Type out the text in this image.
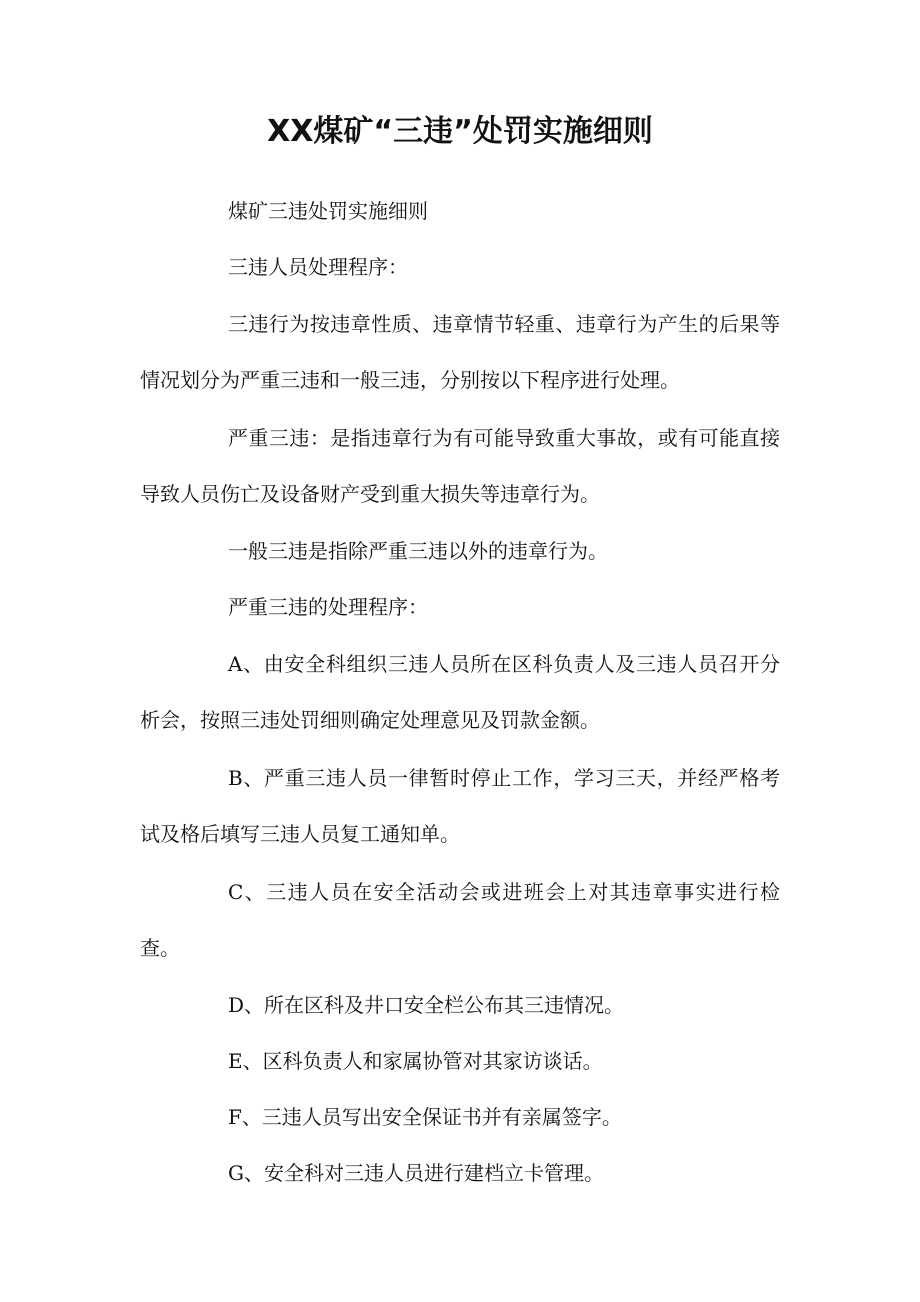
XX煤矿“三违”处罚实施细则

煤矿三违处罚实施细则

三违人员处理程序：

三违行为按违章性质、违章情节轻重、违章行为产生的后果等情况划分为严重三违和一般三违，分别按以下程序进行处理。

严重三违：是指违章行为有可能导致重大事故，或有可能直接导致人员伤亡及设备财产受到重大损失等违章行为。

一般三违是指除严重三违以外的违章行为。

严重三违的处理程序：

A、由安全科组织三违人员所在区科负责人及三违人员召开分析会，按照三违处罚细则确定处理意见及罚款金额。

B、严重三违人员一律暂时停止工作，学习三天，并经严格考试及格后填写三违人员复工通知单。

C、三违人员在安全活动会或进班会上对其违章事实进行检查。

D、所在区科及井口安全栏公布其三违情况。

E、区科负责人和家属协管对其家访谈话。

F、三违人员写出安全保证书并有亲属签字。

G、安全科对三违人员进行建档立卡管理。
